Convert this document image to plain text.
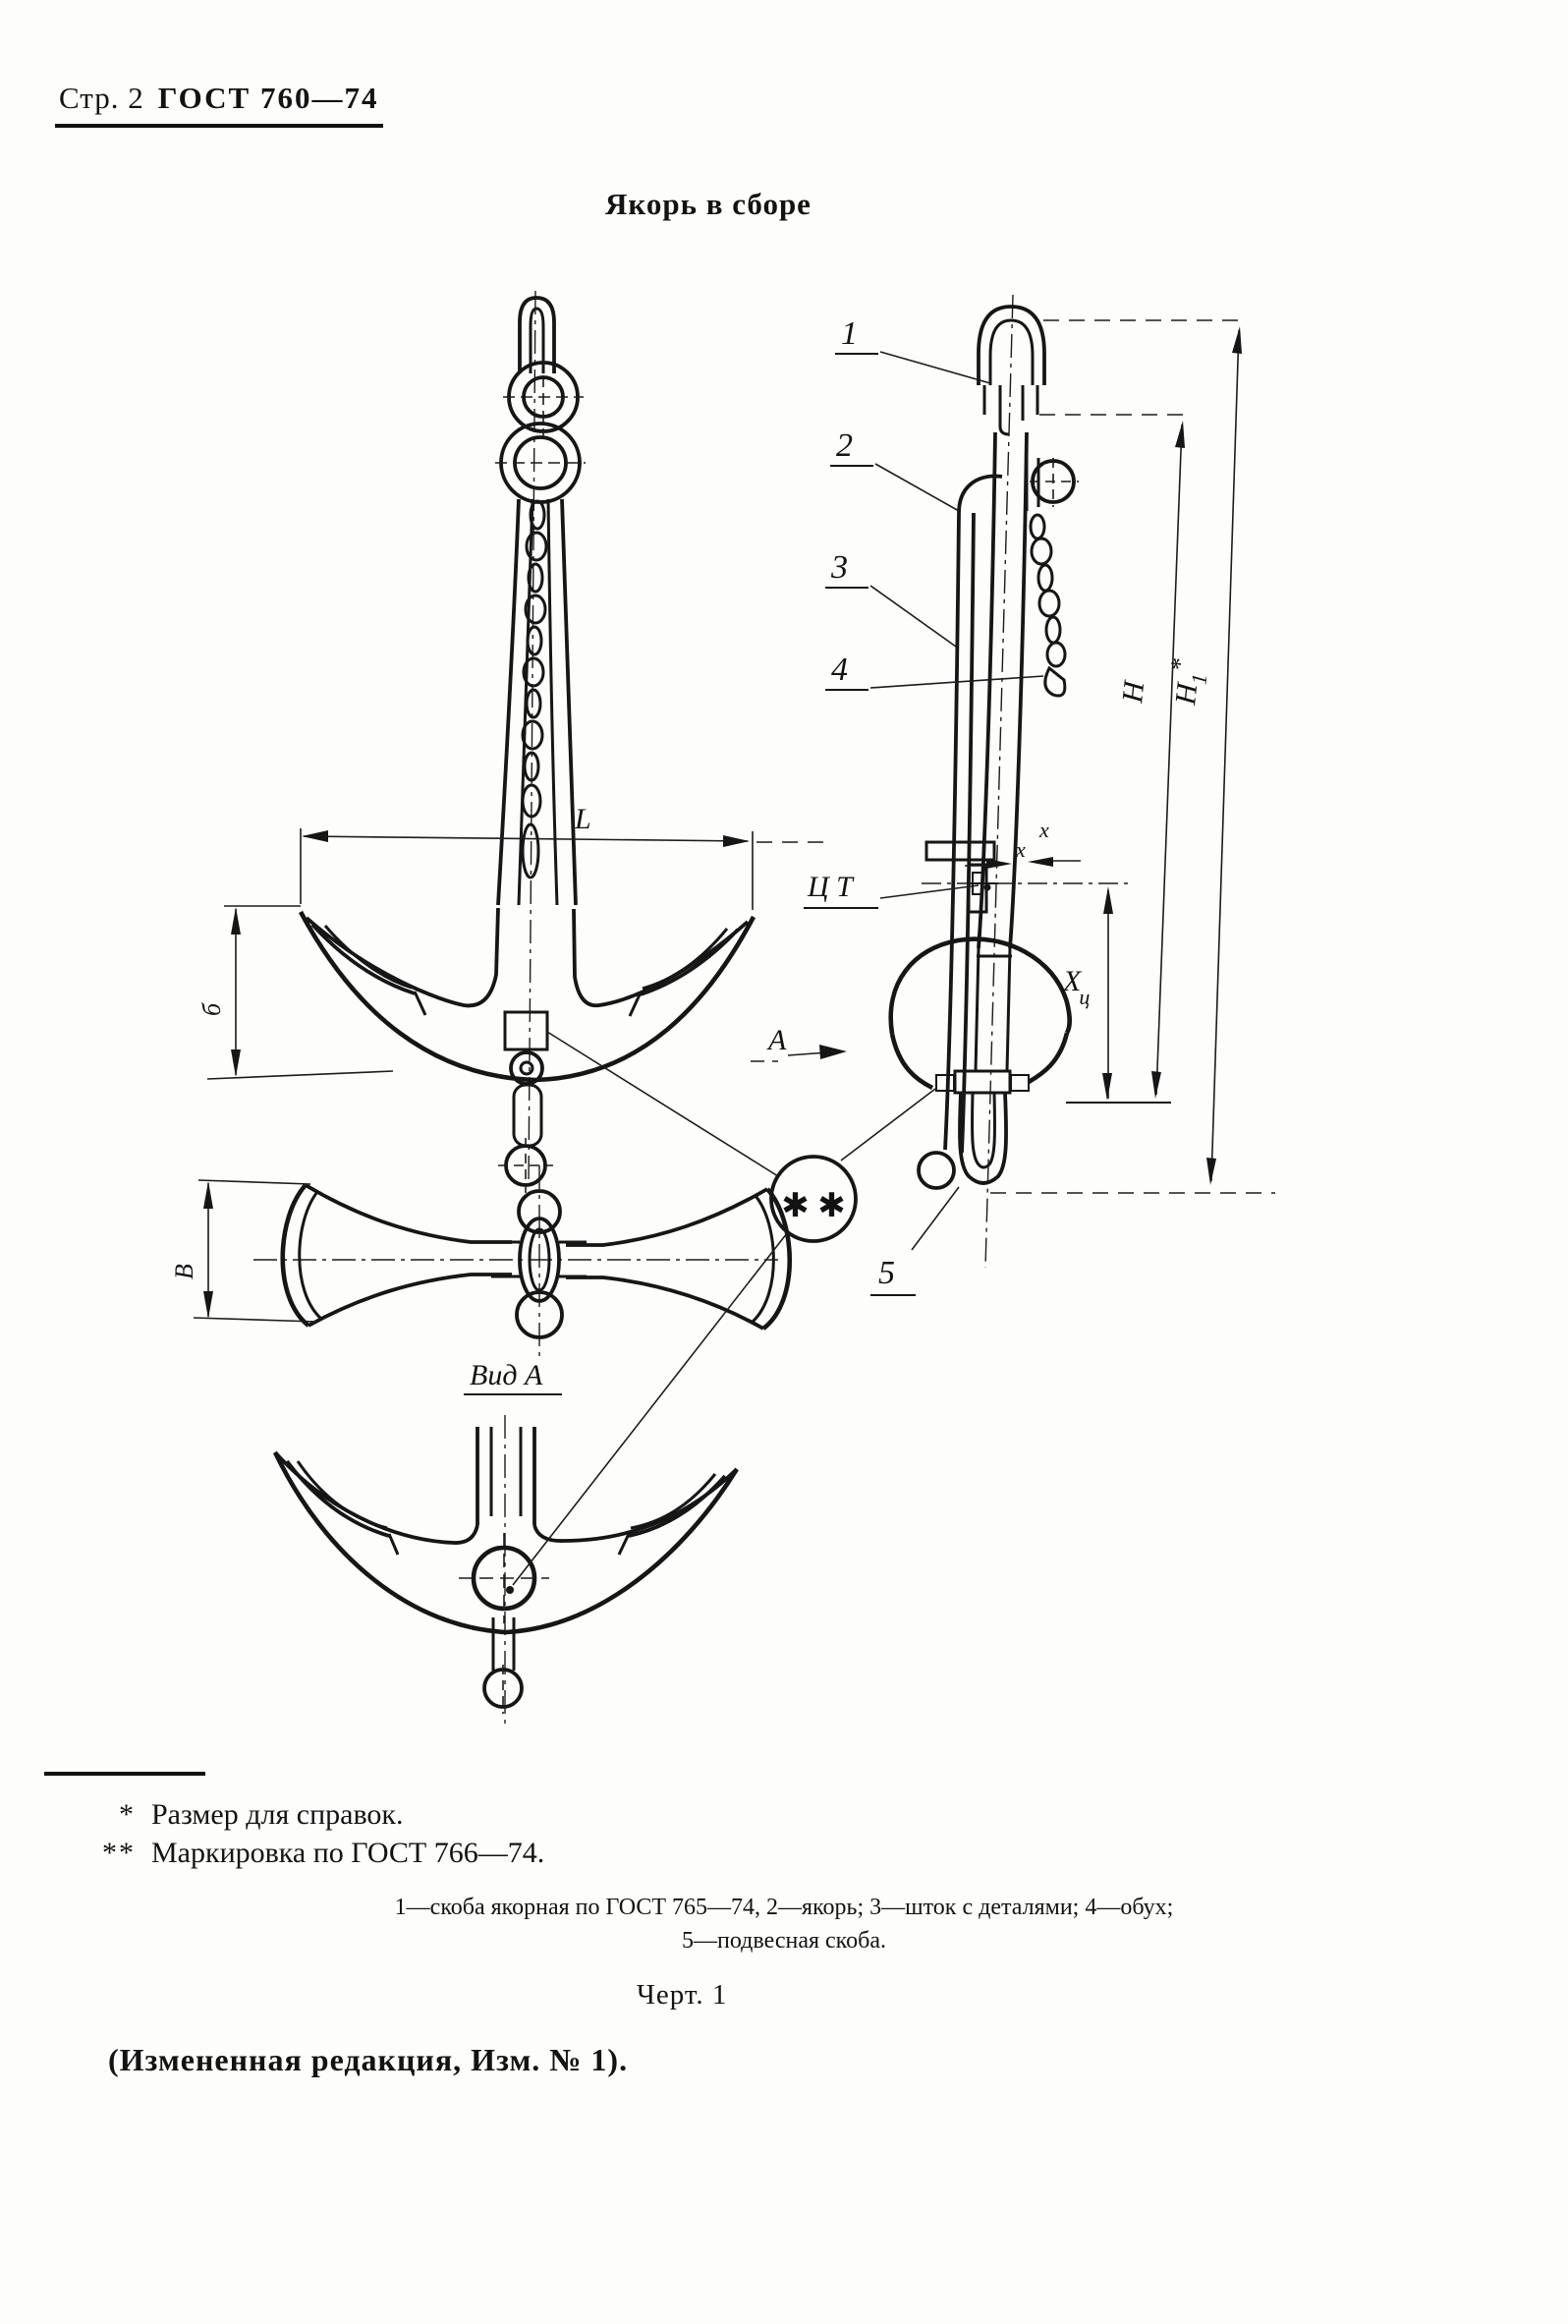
Стр. 2 ГОСТ 760—74
Якорь в сборе
L
б
А
В
Вид А
x
x
Ц Т
Хц
H $H_1*$
5
1
2
3
4
✱ ✱
* Размер для справок.
** Маркировка по ГОСТ 766—74.
1—скоба якорная по ГОСТ 765—74, 2—якорь; 3—шток с деталями; 4—обух;
5—подвесная скоба.
Черт. 1
(Измененная редакция, Изм. № 1).
